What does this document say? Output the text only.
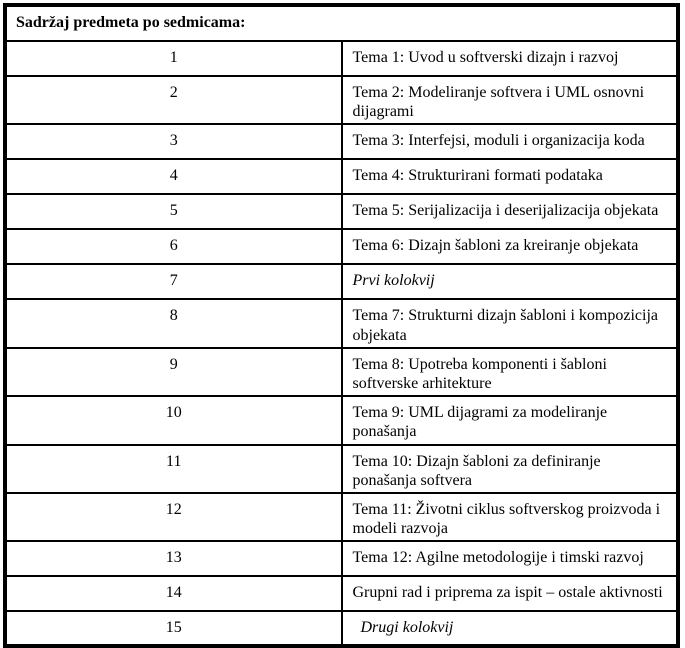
Sadržaj predmeta po sedmicama:	
1	Tema 1: Uvod u softverski dizajn i razvoj
2	Tema 2: Modeliranje softvera i UML osnovni dijagrami
3	Tema 3: Interfejsi, moduli i organizacija koda
4	Tema 4: Strukturirani formati podataka
5	Tema 5: Serijalizacija i deserijalizacija objekata
6	Tema 6: Dizajn šabloni za kreiranje objekata
7	Prvi kolokvij
8	Tema 7: Strukturni dizajn šabloni i kompozicija objekata
9	Tema 8: Upotreba komponenti i šabloni softverske arhitekture
10	Tema 9: UML dijagrami za modeliranje ponašanja
11	Tema 10: Dizajn šabloni za definiranje ponašanja softvera
12	Tema 11: Životni ciklus softverskog proizvoda i modeli razvoja
13	Tema 12: Agilne metodologije i timski razvoj
14	Grupni rad i priprema za ispit – ostale aktivnosti
15	Drugi kolokvij
